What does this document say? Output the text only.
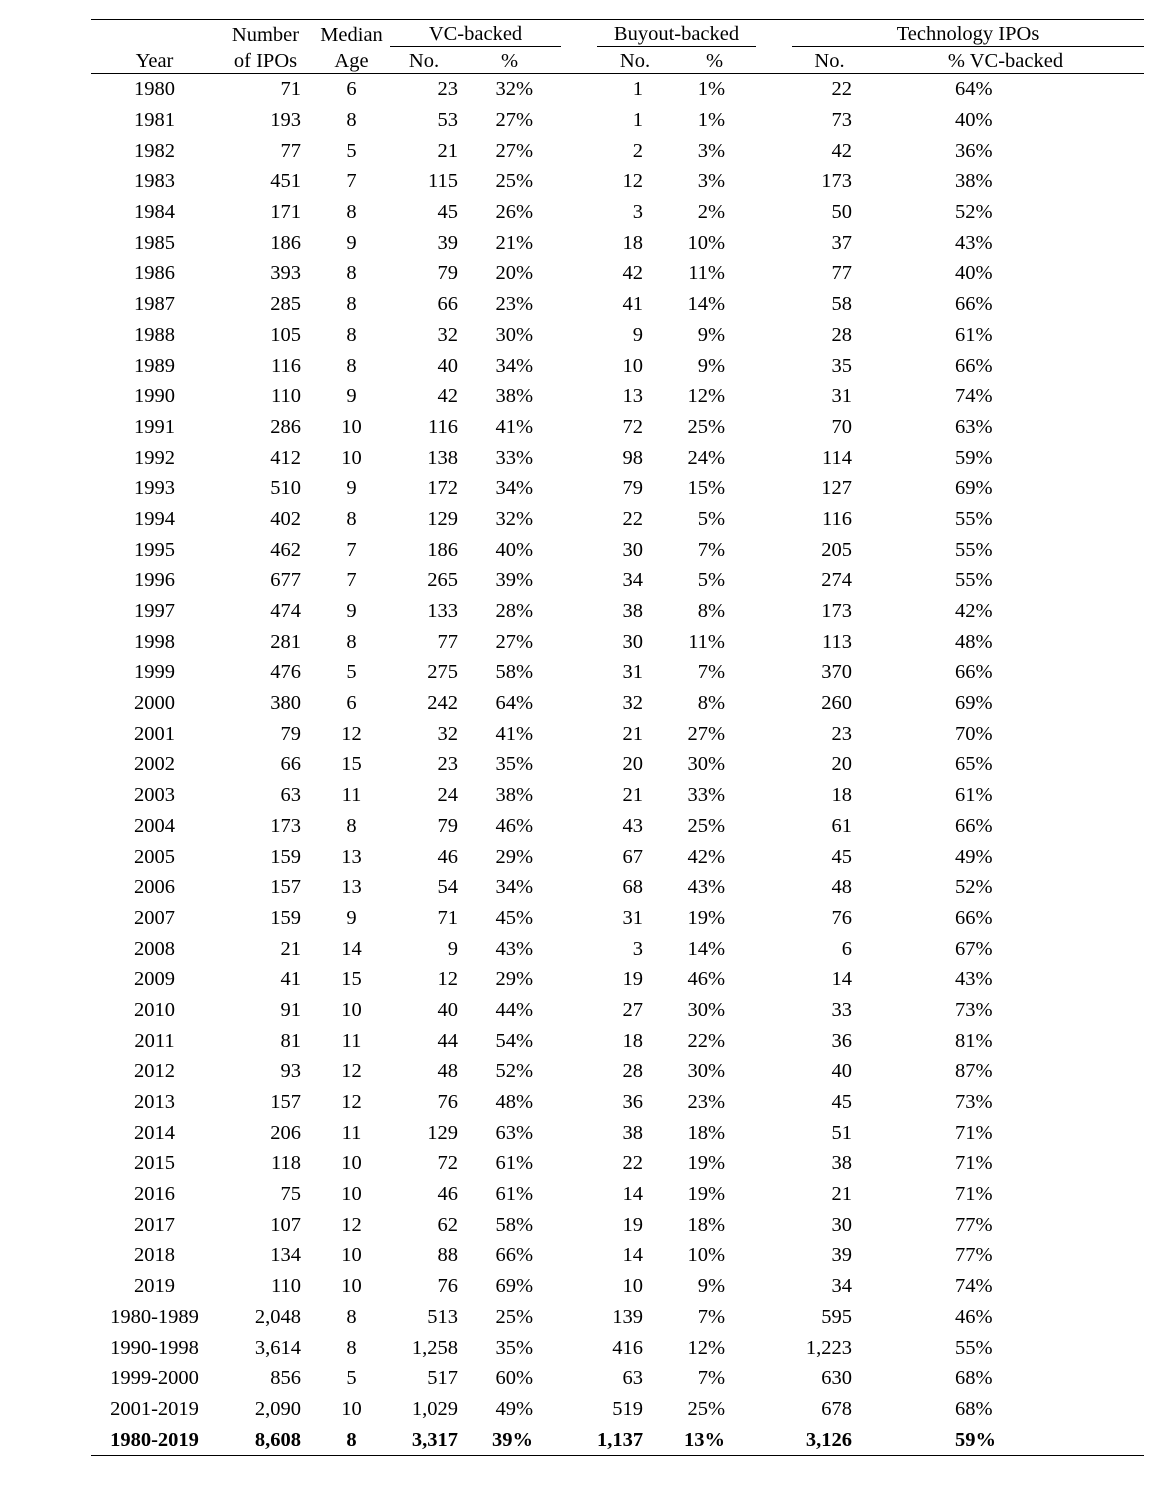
	Number	Median	VC-backed			Buyout-backed			Technology IPOs	
Year	of IPOs	Age	No.	%		No.	%		No.	% VC-backed
1980	71	6	23	32%		1	1%		22	64%
1981	193	8	53	27%		1	1%		73	40%
1982	77	5	21	27%		2	3%		42	36%
1983	451	7	115	25%		12	3%		173	38%
1984	171	8	45	26%		3	2%		50	52%
1985	186	9	39	21%		18	10%		37	43%
1986	393	8	79	20%		42	11%		77	40%
1987	285	8	66	23%		41	14%		58	66%
1988	105	8	32	30%		9	9%		28	61%
1989	116	8	40	34%		10	9%		35	66%
1990	110	9	42	38%		13	12%		31	74%
1991	286	10	116	41%		72	25%		70	63%
1992	412	10	138	33%		98	24%		114	59%
1993	510	9	172	34%		79	15%		127	69%
1994	402	8	129	32%		22	5%		116	55%
1995	462	7	186	40%		30	7%		205	55%
1996	677	7	265	39%		34	5%		274	55%
1997	474	9	133	28%		38	8%		173	42%
1998	281	8	77	27%		30	11%		113	48%
1999	476	5	275	58%		31	7%		370	66%
2000	380	6	242	64%		32	8%		260	69%
2001	79	12	32	41%		21	27%		23	70%
2002	66	15	23	35%		20	30%		20	65%
2003	63	11	24	38%		21	33%		18	61%
2004	173	8	79	46%		43	25%		61	66%
2005	159	13	46	29%		67	42%		45	49%
2006	157	13	54	34%		68	43%		48	52%
2007	159	9	71	45%		31	19%		76	66%
2008	21	14	9	43%		3	14%		6	67%
2009	41	15	12	29%		19	46%		14	43%
2010	91	10	40	44%		27	30%		33	73%
2011	81	11	44	54%		18	22%		36	81%
2012	93	12	48	52%		28	30%		40	87%
2013	157	12	76	48%		36	23%		45	73%
2014	206	11	129	63%		38	18%		51	71%
2015	118	10	72	61%		22	19%		38	71%
2016	75	10	46	61%		14	19%		21	71%
2017	107	12	62	58%		19	18%		30	77%
2018	134	10	88	66%		14	10%		39	77%
2019	110	10	76	69%		10	9%		34	74%
1980-1989	2,048	8	513	25%		139	7%		595	46%
1990-1998	3,614	8	1,258	35%		416	12%		1,223	55%
1999-2000	856	5	517	60%		63	7%		630	68%
2001-2019	2,090	10	1,029	49%		519	25%		678	68%
1980-2019	8,608	8	3,317	39%		1,137	13%		3,126	59%
